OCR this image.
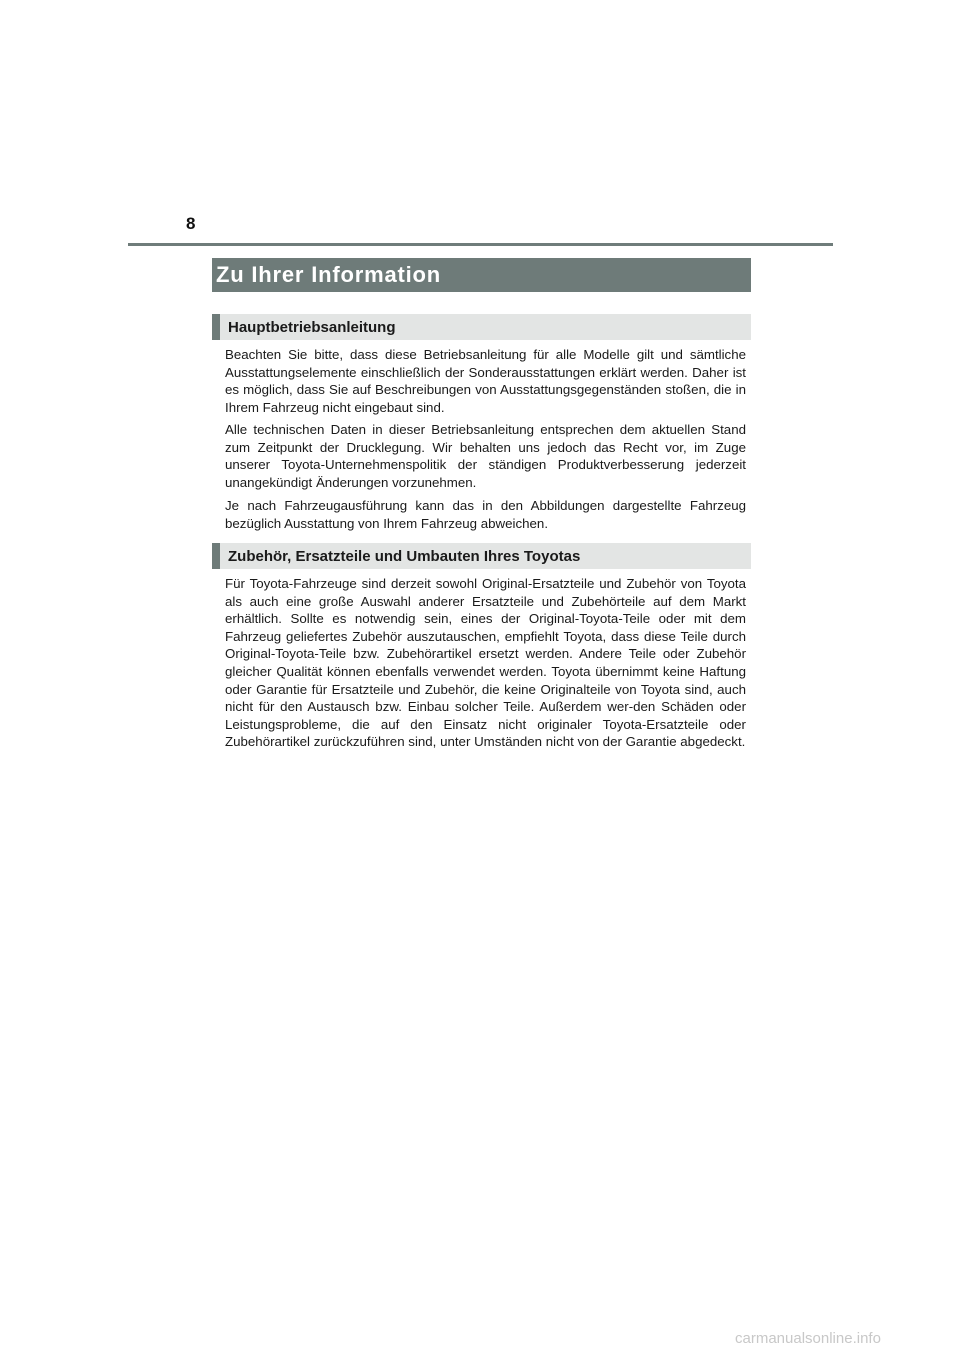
8
Zu Ihrer Information
Hauptbetriebsanleitung

Beachten Sie bitte, dass diese Betriebsanleitung für alle Modelle gilt und sämtliche Ausstattungselemente einschließlich der Sonderausstattungen erklärt werden. Daher ist es möglich, dass Sie auf Beschreibungen von Ausstattungsgegenständen stoßen, die in Ihrem Fahrzeug nicht eingebaut sind.

Alle technischen Daten in dieser Betriebsanleitung entsprechen dem aktuellen Stand zum Zeitpunkt der Drucklegung. Wir behalten uns jedoch das Recht vor, im Zuge unserer Toyota-Unternehmenspolitik der ständigen Produktverbesserung jederzeit unangekündigt Änderungen vorzunehmen.

Je nach Fahrzeugausführung kann das in den Abbildungen dargestellte Fahrzeug bezüglich Ausstattung von Ihrem Fahrzeug abweichen.

Zubehör, Ersatzteile und Umbauten Ihres Toyotas

Für Toyota-Fahrzeuge sind derzeit sowohl Original-Ersatzteile und Zubehör von Toyota als auch eine große Auswahl anderer Ersatzteile und Zubehörteile auf dem Markt erhältlich. Sollte es notwendig sein, eines der Original-Toyota-Teile oder mit dem Fahrzeug geliefertes Zubehör auszutauschen, empfiehlt Toyota, dass diese Teile durch Original-Toyota-Teile bzw. Zubehörartikel ersetzt werden. Andere Teile oder Zubehör gleicher Qualität können ebenfalls verwendet werden. Toyota übernimmt keine Haftung oder Garantie für Ersatzteile und Zubehör, die keine Originalteile von Toyota sind, auch nicht für den Austausch bzw. Einbau solcher Teile. Außerdem wer-den Schäden oder Leistungsprobleme, die auf den Einsatz nicht originaler Toyota-Ersatzteile oder Zubehörartikel zurückzuführen sind, unter Umständen nicht von der Garantie abgedeckt.

carmanualsonline.info
